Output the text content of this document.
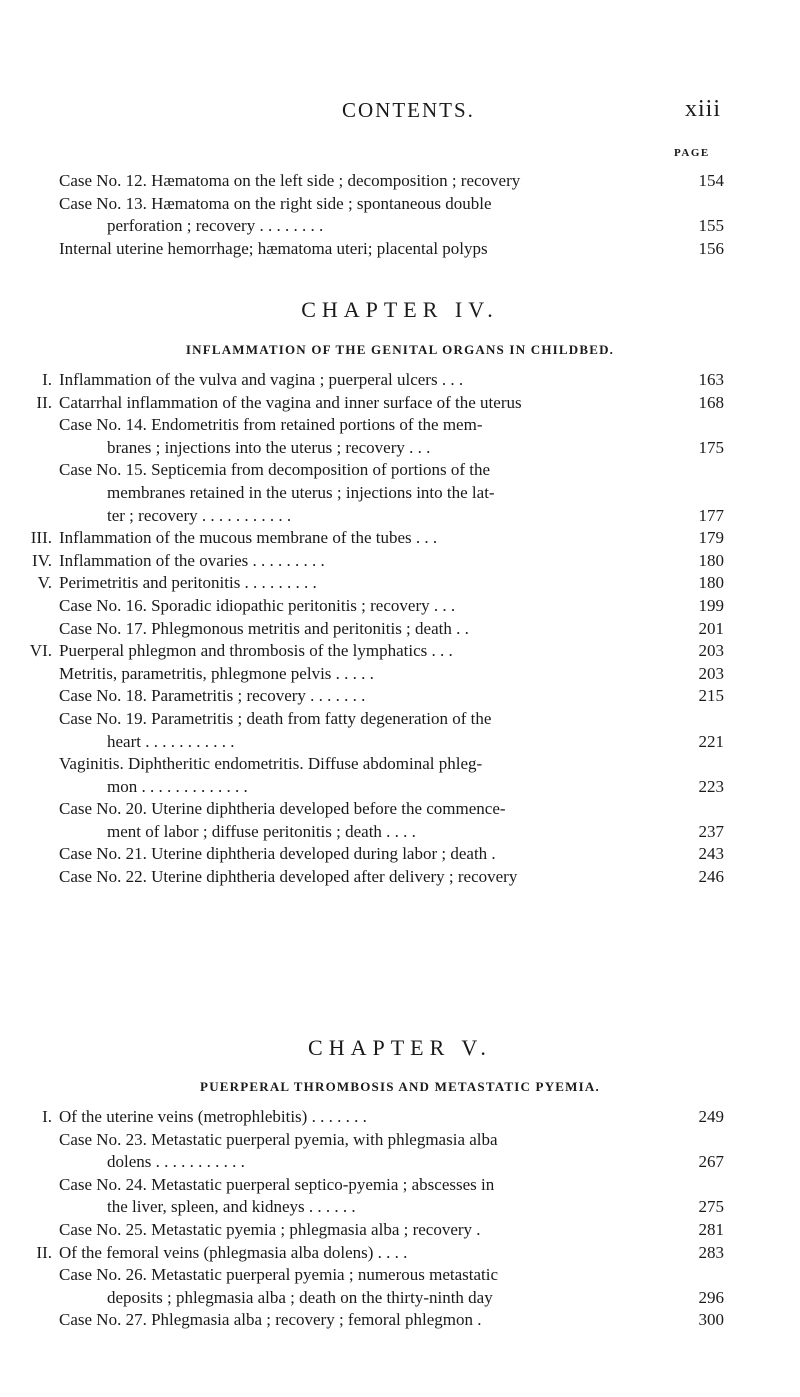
CONTENTS.	xiii
PAGE
Case No. 12. Hæmatoma on the left side ; decomposition ; recovery	154
Case No. 13. Hæmatoma on the right side ; spontaneous double
perforation ; recovery . . . . . . . .	155
Internal uterine hemorrhage; hæmatoma uteri; placental polyps	156
CHAPTER IV.
INFLAMMATION OF THE GENITAL ORGANS IN CHILDBED.
I. Inflammation of the vulva and vagina ; puerperal ulcers . . .	163
II. Catarrhal inflammation of the vagina and inner surface of the uterus	168
Case No. 14. Endometritis from retained portions of the mem-
branes ; injections into the uterus ; recovery . . .	175
Case No. 15. Septicemia from decomposition of portions of the
membranes retained in the uterus ; injections into the lat-
ter ; recovery . . . . . . . . . . .	177
III. Inflammation of the mucous membrane of the tubes . . .	179
IV. Inflammation of the ovaries . . . . . . . . .	180
V. Perimetritis and peritonitis . . . . . . . . .	180
Case No. 16. Sporadic idiopathic peritonitis ; recovery . . .	199
Case No. 17. Phlegmonous metritis and peritonitis ; death . .	201
VI. Puerperal phlegmon and thrombosis of the lymphatics . . .	203
Metritis, parametritis, phlegmone pelvis . . . . .	203
Case No. 18. Parametritis ; recovery . . . . . . .	215
Case No. 19. Parametritis ; death from fatty degeneration of the
heart . . . . . . . . . . .	221
Vaginitis. Diphtheritic endometritis. Diffuse abdominal phleg-
mon . . . . . . . . . . . . .	223
Case No. 20. Uterine diphtheria developed before the commence-
ment of labor ; diffuse peritonitis ; death . . . .	237
Case No. 21. Uterine diphtheria developed during labor ; death .	243
Case No. 22. Uterine diphtheria developed after delivery ; recovery	246
CHAPTER V.
PUERPERAL THROMBOSIS AND METASTATIC PYEMIA.
I. Of the uterine veins (metrophlebitis) . . . . . . .	249
Case No. 23. Metastatic puerperal pyemia, with phlegmasia alba
dolens . . . . . . . . . . .	267
Case No. 24. Metastatic puerperal septico-pyemia ; abscesses in
the liver, spleen, and kidneys . . . . . .	275
Case No. 25. Metastatic pyemia ; phlegmasia alba ; recovery .	281
II. Of the femoral veins (phlegmasia alba dolens) . . . .	283
Case No. 26. Metastatic puerperal pyemia ; numerous metastatic
deposits ; phlegmasia alba ; death on the thirty-ninth day	296
Case No. 27. Phlegmasia alba ; recovery ; femoral phlegmon .	300
